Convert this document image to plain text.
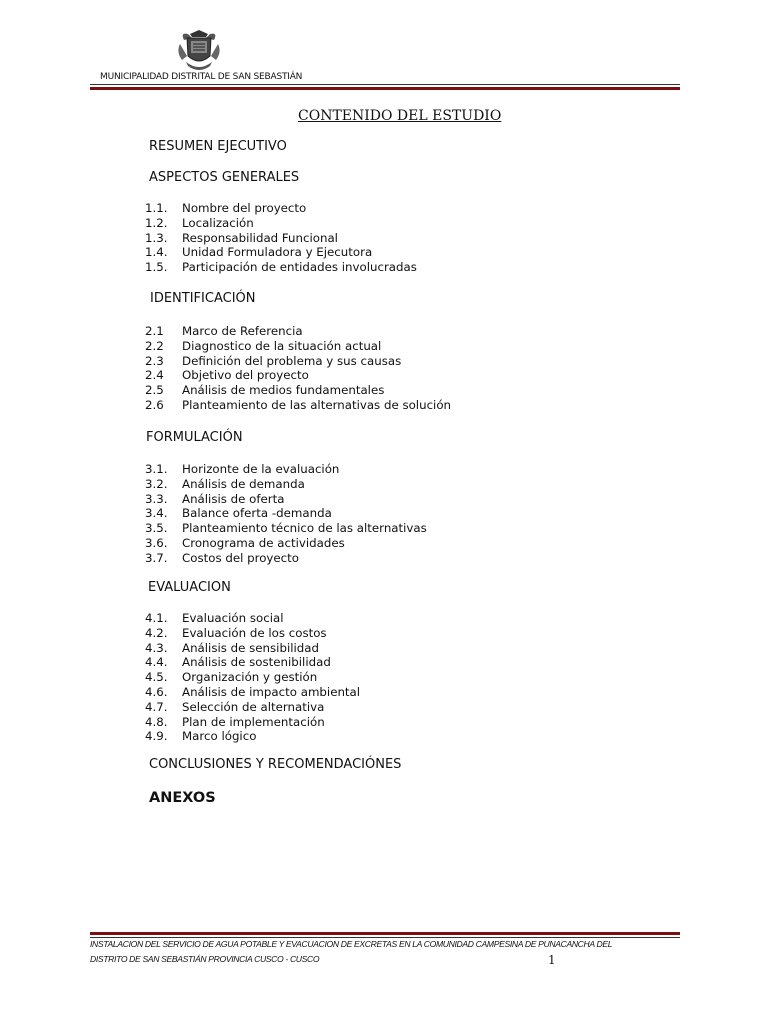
MUNICIPALIDAD DISTRITAL DE SAN SEBASTIÁN
CONTENIDO DEL ESTUDIO
RESUMEN EJECUTIVO
ASPECTOS GENERALES
1.1. Nombre del proyecto
1.2. Localización
1.3. Responsabilidad Funcional
1.4. Unidad Formuladora y Ejecutora
1.5. Participación de entidades involucradas
IDENTIFICACIÓN
2.1 Marco de Referencia
2.2 Diagnostico de la situación actual
2.3 Definición del problema y sus causas
2.4 Objetivo del proyecto
2.5 Análisis de medios fundamentales
2.6 Planteamiento de las alternativas de solución
FORMULACIÓN
3.1. Horizonte de la evaluación
3.2. Análisis de demanda
3.3. Análisis de oferta
3.4. Balance oferta -demanda
3.5. Planteamiento técnico de las alternativas
3.6. Cronograma de actividades
3.7. Costos del proyecto
EVALUACION
4.1. Evaluación social
4.2. Evaluación de los costos
4.3. Análisis de sensibilidad
4.4. Análisis de sostenibilidad
4.5. Organización y gestión
4.6. Análisis de impacto ambiental
4.7. Selección de alternativa
4.8. Plan de implementación
4.9. Marco lógico
CONCLUSIONES Y RECOMENDACIÓNES
ANEXOS
INSTALACION DEL SERVICIO DE AGUA POTABLE Y EVACUACION DE EXCRETAS EN LA COMUNIDAD CAMPESINA DE PUNACANCHA DEL
DISTRITO DE SAN SEBASTIÁN PROVINCIA CUSCO - CUSCO	1
